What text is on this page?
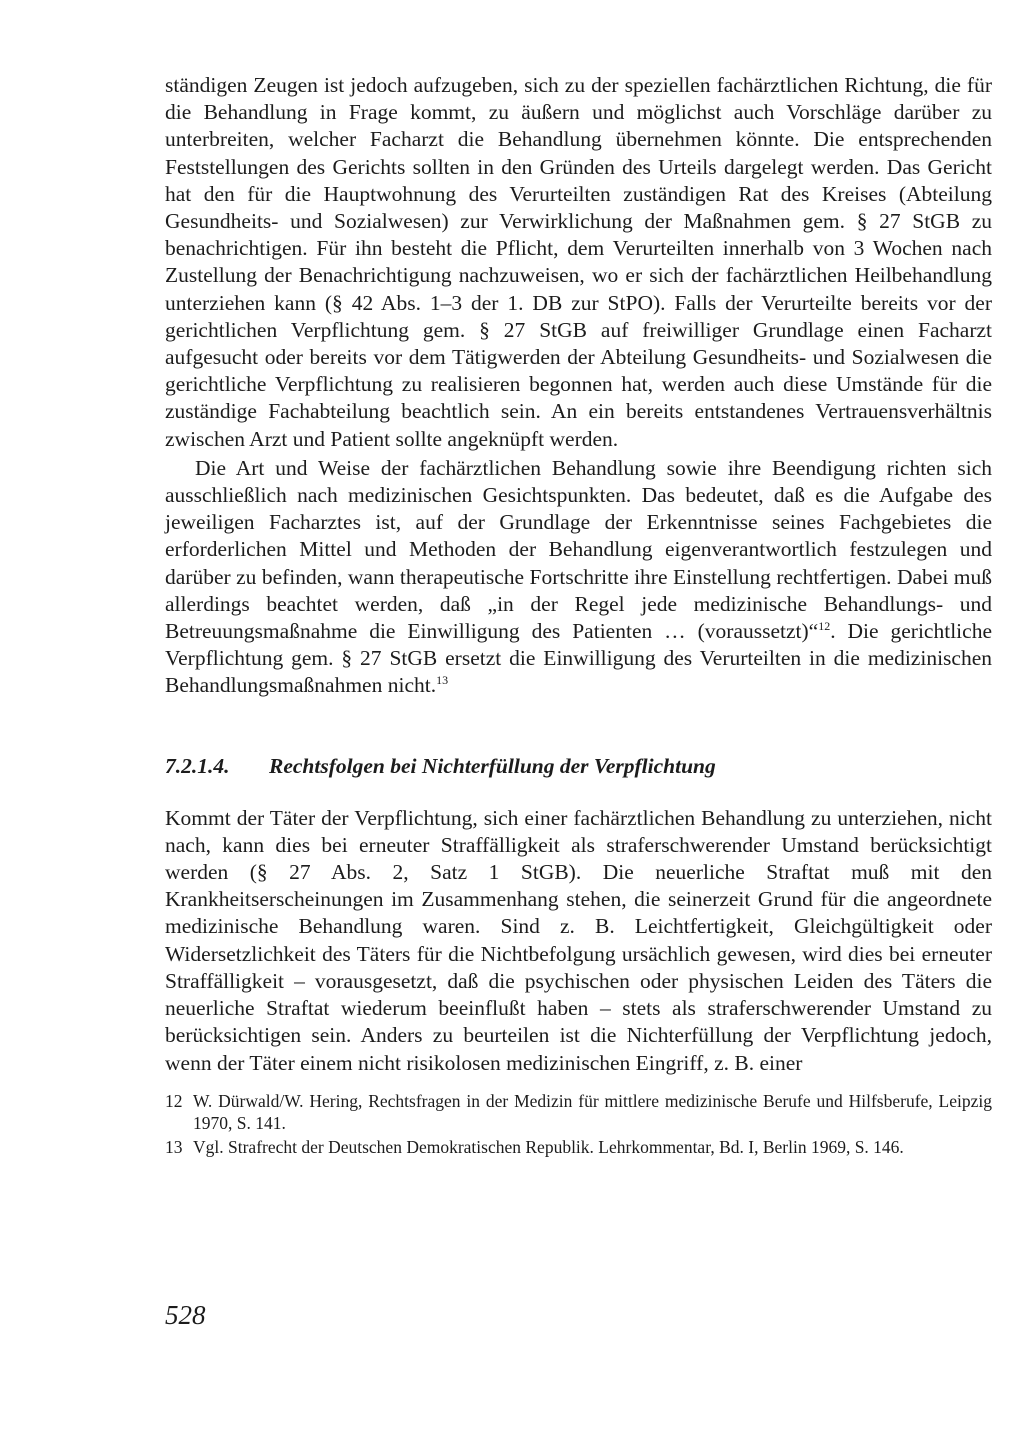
ständigen Zeugen ist jedoch aufzugeben, sich zu der speziellen fachärztlichen Richtung, die für die Behandlung in Frage kommt, zu äußern und möglichst auch Vorschläge darüber zu unterbreiten, welcher Facharzt die Behandlung übernehmen könnte. Die entsprechenden Feststellungen des Gerichts sollten in den Gründen des Urteils dargelegt werden. Das Gericht hat den für die Hauptwohnung des Verurteilten zuständigen Rat des Kreises (Abteilung Gesundheits- und Sozialwesen) zur Verwirklichung der Maßnahmen gem. § 27 StGB zu benachrichtigen. Für ihn besteht die Pflicht, dem Verurteilten innerhalb von 3 Wochen nach Zustellung der Benachrichtigung nachzuweisen, wo er sich der fachärztlichen Heilbehandlung unterziehen kann (§ 42 Abs. 1–3 der 1. DB zur StPO). Falls der Verurteilte bereits vor der gerichtlichen Verpflichtung gem. § 27 StGB auf freiwilliger Grundlage einen Facharzt aufgesucht oder bereits vor dem Tätigwerden der Abteilung Gesundheits- und Sozialwesen die gerichtliche Verpflichtung zu realisieren begonnen hat, werden auch diese Umstände für die zuständige Fachabteilung beachtlich sein. An ein bereits entstandenes Vertrauensverhältnis zwischen Arzt und Patient sollte angeknüpft werden.

Die Art und Weise der fachärztlichen Behandlung sowie ihre Beendigung richten sich ausschließlich nach medizinischen Gesichtspunkten. Das bedeutet, daß es die Aufgabe des jeweiligen Facharztes ist, auf der Grundlage der Erkenntnisse seines Fachgebietes die erforderlichen Mittel und Methoden der Behandlung eigenverantwortlich festzulegen und darüber zu befinden, wann therapeutische Fortschritte ihre Einstellung rechtfertigen. Dabei muß allerdings beachtet werden, daß „in der Regel jede medizinische Behandlungs- und Betreuungsmaßnahme die Einwilligung des Patienten … (voraussetzt)“$^{12}$. Die gerichtliche Verpflichtung gem. § 27 StGB ersetzt die Einwilligung des Verurteilten in die medizinischen Behandlungsmaßnahmen nicht.$^{13}$

7.2.1.4.	Rechtsfolgen bei Nichterfüllung der Verpflichtung

Kommt der Täter der Verpflichtung, sich einer fachärztlichen Behandlung zu unterziehen, nicht nach, kann dies bei erneuter Straffälligkeit als straferschwerender Umstand berücksichtigt werden (§ 27 Abs. 2, Satz 1 StGB). Die neuerliche Straftat muß mit den Krankheitserscheinungen im Zusammenhang stehen, die seinerzeit Grund für die angeordnete medizinische Behandlung waren. Sind z. B. Leichtfertigkeit, Gleichgültigkeit oder Widersetzlichkeit des Täters für die Nichtbefolgung ursächlich gewesen, wird dies bei erneuter Straffälligkeit – vorausgesetzt, daß die psychischen oder physischen Leiden des Täters die neuerliche Straftat wiederum beeinflußt haben – stets als straferschwerender Umstand zu berücksichtigen sein. Anders zu beurteilen ist die Nichterfüllung der Verpflichtung jedoch, wenn der Täter einem nicht risikolosen medizinischen Eingriff, z. B. einer

12 W. Dürwald/W. Hering, Rechtsfragen in der Medizin für mittlere medizinische Berufe und Hilfsberufe, Leipzig 1970, S. 141.

13 Vgl. Strafrecht der Deutschen Demokratischen Republik. Lehrkommentar, Bd. I, Berlin 1969, S. 146.

528
